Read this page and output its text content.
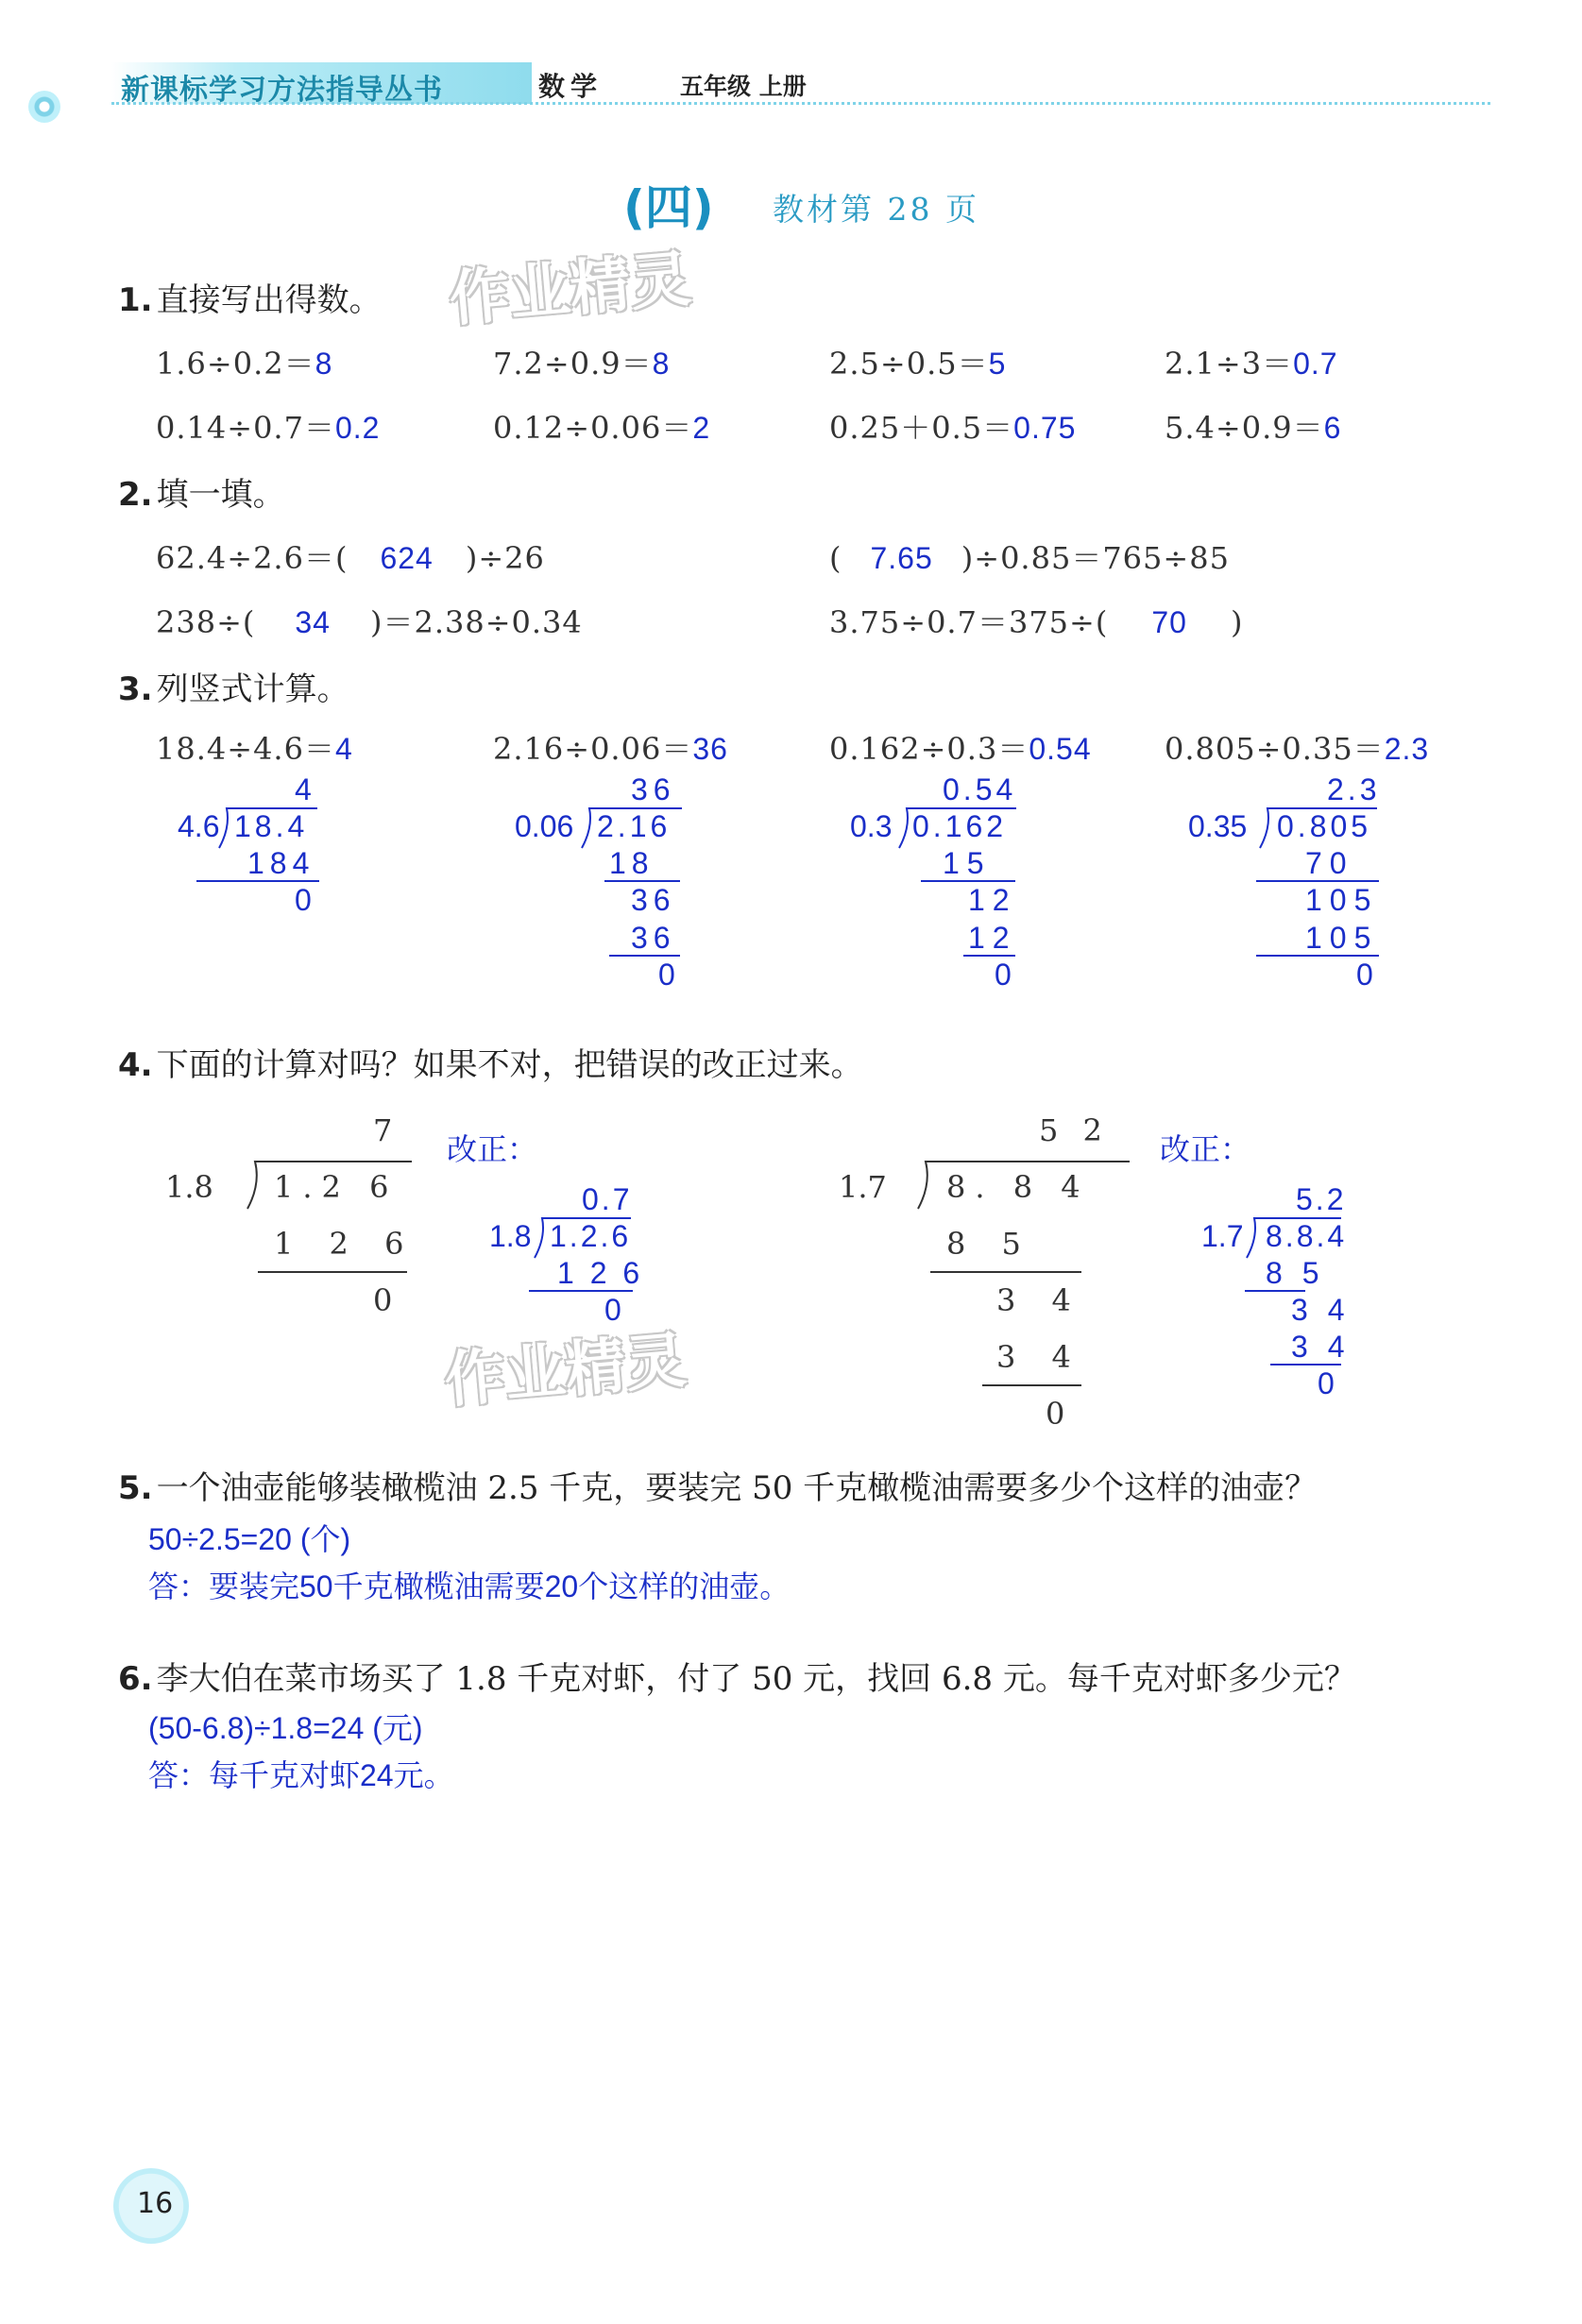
新课标学习方法指导丛书	数学	五年级 上册
(四) 教材第 28 页
作业精灵
作业精灵
1. 直接写出得数。
1.6÷0.2＝8	7.2÷0.9＝8	2.5÷0.5＝5	2.1÷3＝0.7
0.14÷0.7＝0.2	0.12÷0.06＝2	0.25＋0.5＝0.75	5.4÷0.9＝6
2. 填一填。
62.4÷2.6＝( 624 )÷26	( 7.65 )÷0.85＝765÷85
238÷( 34 )＝2.38÷0.34	3.75÷0.7＝375÷( 70 )
3. 列竖式计算。
18.4÷4.6＝4	2.16÷0.06＝36	0.162÷0.3＝0.54 0.805÷0.35＝2.3
4
4.6 18.4
184
0
36
0.06 2.16
18
36
36
0
0.54
0.3 0.162
15
12
12
0
2.3
0.35 0.805
70
105
105
0
4. 下面的计算对吗？如果不对，把错误的改正过来。
7
1.8 1.2 6
1 2 6
0
改正：
0.7
1.8 1.2.6
1 2 6
0
5 2
1.7 8. 8 4
8 5
3 4
3 4
0
改正：
5.2
1.7 8.8.4
8 5
3 4
3 4
0
5. 一个油壶能够装橄榄油 2.5 千克，要装完 50 千克橄榄油需要多少个这样的油壶？
50÷2.5=20 (个)
答：要装完50千克橄榄油需要20个这样的油壶。
6. 李大伯在菜市场买了 1.8 千克对虾，付了 50 元，找回 6.8 元。每千克对虾多少元？
(50-6.8)÷1.8=24 (元)
答：每千克对虾24元。
16
